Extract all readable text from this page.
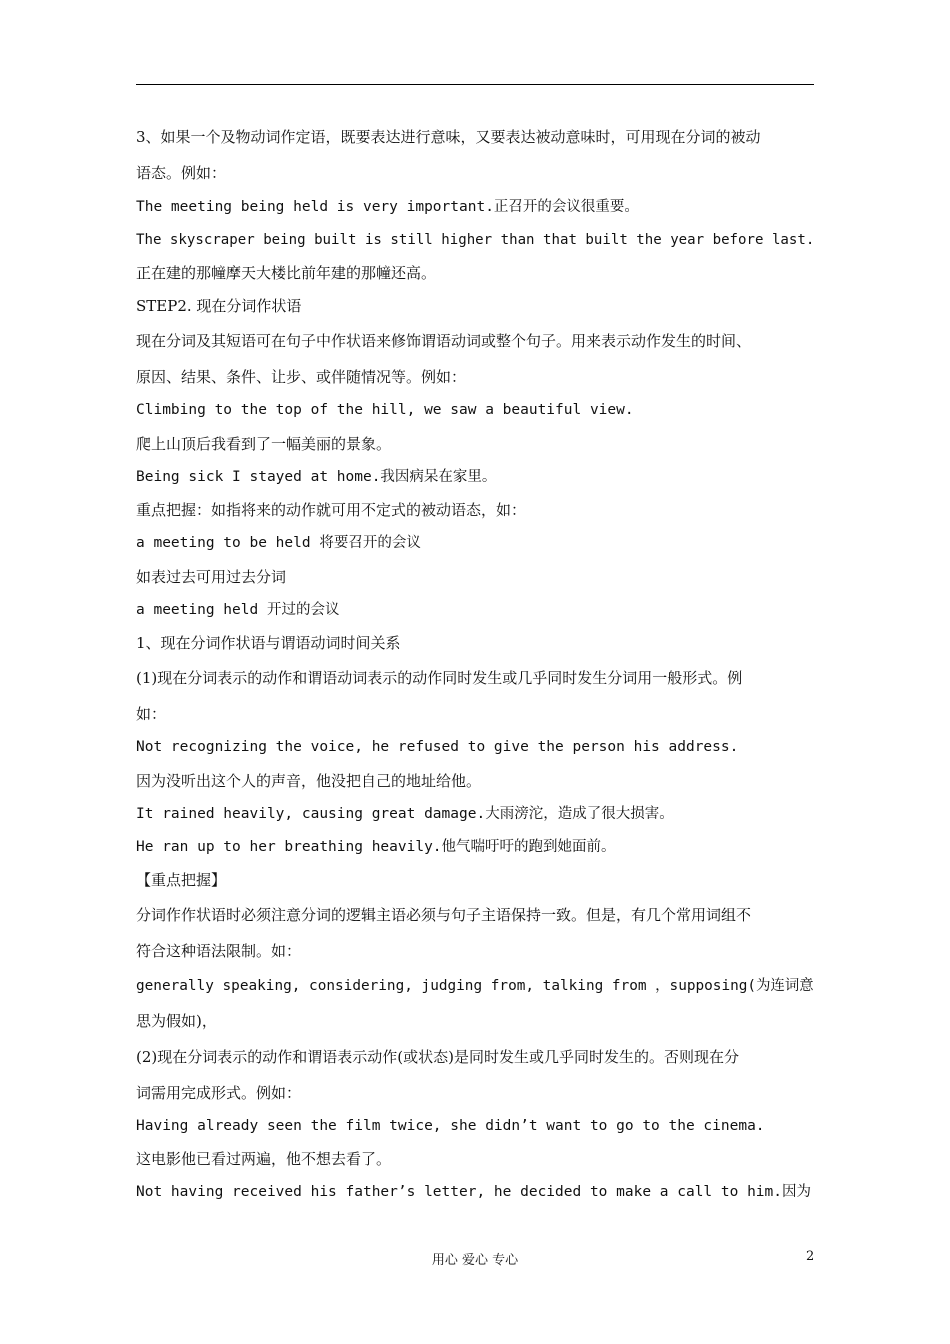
3、如果一个及物动词作定语，既要表达进行意味，又要表达被动意味时，可用现在分词的被动
语态。例如：
The meeting being held is very important.正召开的会议很重要。
The skyscraper being built is still higher than that built the year before last.
正在建的那幢摩天大楼比前年建的那幢还高。
STEP2. 现在分词作状语
现在分词及其短语可在句子中作状语来修饰谓语动词或整个句子。用来表示动作发生的时间、
原因、结果、条件、让步、或伴随情况等。例如：
Climbing to the top of the hill, we saw a beautiful view.
爬上山顶后我看到了一幅美丽的景象。
Being sick I stayed at home.我因病呆在家里。
重点把握：如指将来的动作就可用不定式的被动语态，如：
a meeting to be held 将要召开的会议
如表过去可用过去分词
a meeting held 开过的会议
1、现在分词作状语与谓语动词时间关系
(1)现在分词表示的动作和谓语动词表示的动作同时发生或几乎同时发生分词用一般形式。例
如：
Not recognizing the voice, he refused to give the person his address.
因为没听出这个人的声音，他没把自己的地址给他。
It rained heavily, causing great damage.大雨滂沱，造成了很大损害。
He ran up to her breathing heavily.他气喘吁吁的跑到她面前。
【重点把握】
分词作作状语时必须注意分词的逻辑主语必须与句子主语保持一致。但是，有几个常用词组不
符合这种语法限制。如：
generally speaking, considering, judging from, talking from ，supposing(为连词意
思为假如)，
(2)现在分词表示的动作和谓语表示动作(或状态)是同时发生或几乎同时发生的。否则现在分
词需用完成形式。例如：
Having already seen the film twice, she didn’t want to go to the cinema.
这电影他已看过两遍，他不想去看了。
Not having received his father’s letter, he decided to make a call to him.因为
用心 爱心 专心	2
